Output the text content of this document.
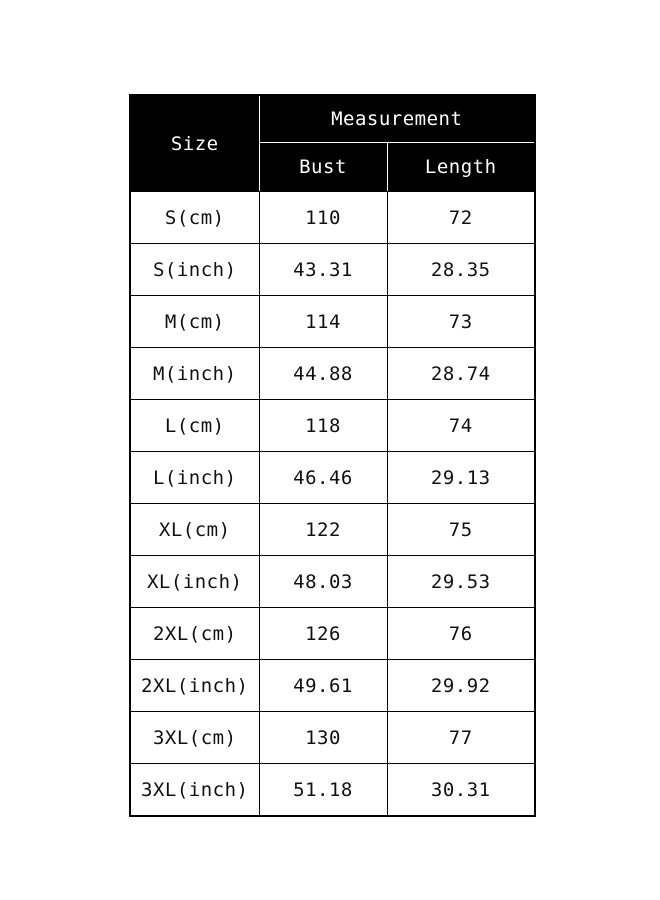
Size	Measurement	
	Bust	Length
S(cm)	110	72
S(inch)	43.31	28.35
M(cm)	114	73
M(inch)	44.88	28.74
L(cm)	118	74
L(inch)	46.46	29.13
XL(cm)	122	75
XL(inch)	48.03	29.53
2XL(cm)	126	76
2XL(inch)	49.61	29.92
3XL(cm)	130	77
3XL(inch)	51.18	30.31
